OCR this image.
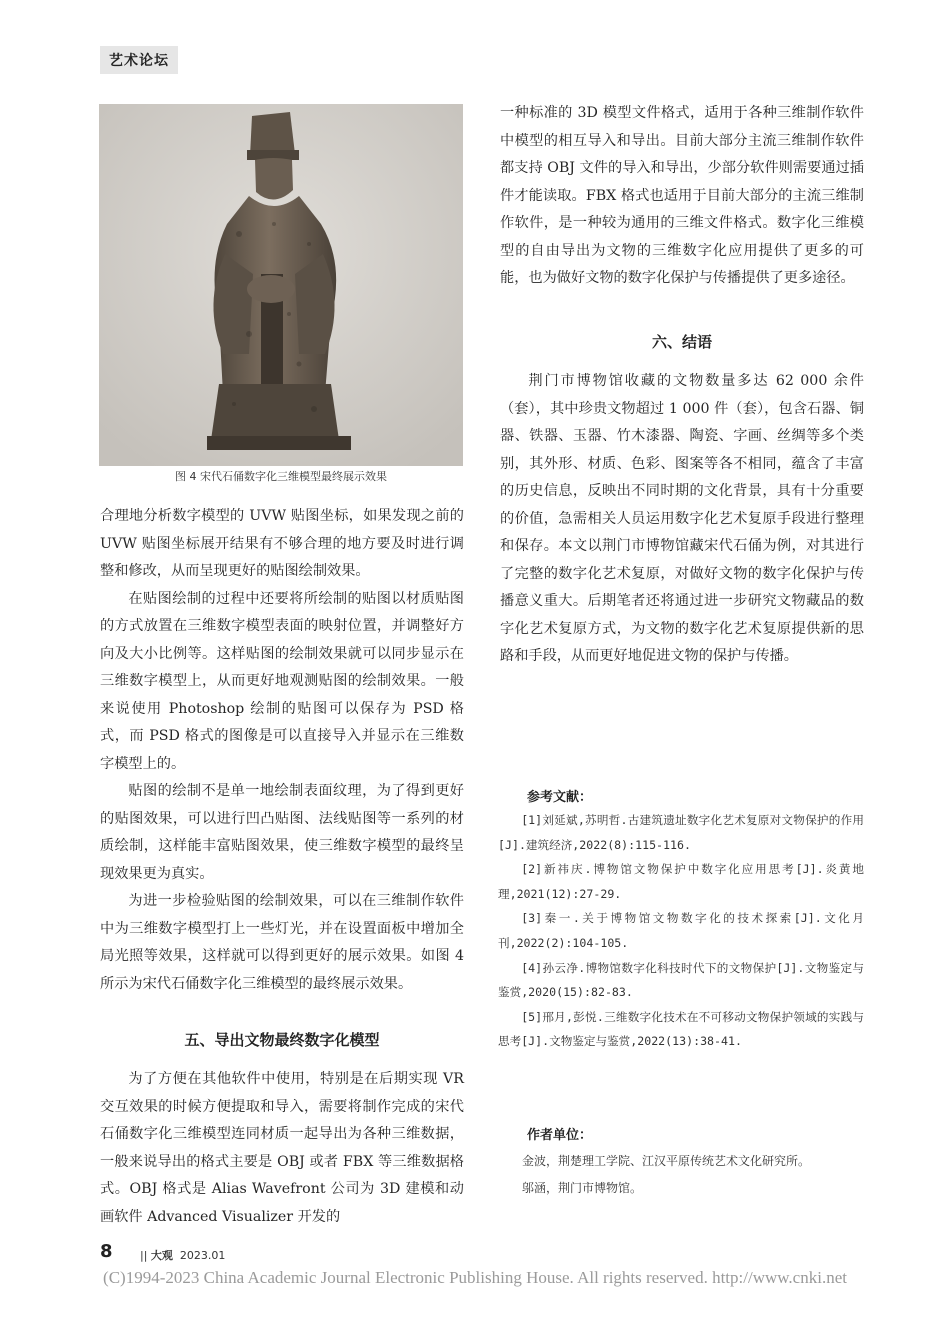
艺术论坛
图 4 宋代石俑数字化三维模型最终展示效果

合理地分析数字模型的 UVW 贴图坐标，如果发现之前的 UVW 贴图坐标展开结果有不够合理的地方要及时进行调整和修改，从而呈现更好的贴图绘制效果。

在贴图绘制的过程中还要将所绘制的贴图以材质贴图的方式放置在三维数字模型表面的映射位置，并调整好方向及大小比例等。这样贴图的绘制效果就可以同步显示在三维数字模型上，从而更好地观测贴图的绘制效果。一般来说使用 Photoshop 绘制的贴图可以保存为 PSD 格式，而 PSD 格式的图像是可以直接导入并显示在三维数字模型上的。

贴图的绘制不是单一地绘制表面纹理，为了得到更好的贴图效果，可以进行凹凸贴图、法线贴图等一系列的材质绘制，这样能丰富贴图效果，使三维数字模型的最终呈现效果更为真实。

为进一步检验贴图的绘制效果，可以在三维制作软件中为三维数字模型打上一些灯光，并在设置面板中增加全局光照等效果，这样就可以得到更好的展示效果。如图 4 所示为宋代石俑数字化三维模型的最终展示效果。

五、导出文物最终数字化模型

为了方便在其他软件中使用，特别是在后期实现 VR 交互效果的时候方便提取和导入，需要将制作完成的宋代石俑数字化三维模型连同材质一起导出为各种三维数据，一般来说导出的格式主要是 OBJ 或者 FBX 等三维数据格式。OBJ 格式是 Alias Wavefront 公司为 3D 建模和动画软件 Advanced Visualizer 开发的

一种标准的 3D 模型文件格式，适用于各种三维制作软件中模型的相互导入和导出。目前大部分主流三维制作软件都支持 OBJ 文件的导入和导出，少部分软件则需要通过插件才能读取。FBX 格式也适用于目前大部分的主流三维制作软件，是一种较为通用的三维文件格式。数字化三维模型的自由导出为文物的三维数字化应用提供了更多的可能，也为做好文物的数字化保护与传播提供了更多途径。

六、结语

荆门市博物馆收藏的文物数量多达 62 000 余件（套），其中珍贵文物超过 1 000 件（套），包含石器、铜器、铁器、玉器、竹木漆器、陶瓷、字画、丝绸等多个类别，其外形、材质、色彩、图案等各不相同，蕴含了丰富的历史信息，反映出不同时期的文化背景，具有十分重要的价值，急需相关人员运用数字化艺术复原手段进行整理和保存。本文以荆门市博物馆藏宋代石俑为例，对其进行了完整的数字化艺术复原，对做好文物的数字化保护与传播意义重大。后期笔者还将通过进一步研究文物藏品的数字化艺术复原方式，为文物的数字化艺术复原提供新的思路和手段，从而更好地促进文物的保护与传播。

参考文献：

[1]刘延斌,苏明哲.古建筑遗址数字化艺术复原对文物保护的作用[J].建筑经济,2022(8):115-116.

[2]新祎庆.博物馆文物保护中数字化应用思考[J].炎黄地理,2021(12):27-29.

[3]秦一.关于博物馆文物数字化的技术探索[J].文化月刊,2022(2):104-105.

[4]孙云净.博物馆数字化科技时代下的文物保护[J].文物鉴定与鉴赏,2020(15):82-83.

[5]邢月,彭悦.三维数字化技术在不可移动文物保护领域的实践与思考[J].文物鉴定与鉴赏,2022(13):38-41.

作者单位：

金波，荆楚理工学院、江汉平原传统艺术文化研究所。

邬涵，荆门市博物馆。

8 || 大观 2023.01
(C)1994-2023 China Academic Journal Electronic Publishing House. All rights reserved. http://www.cnki.net
